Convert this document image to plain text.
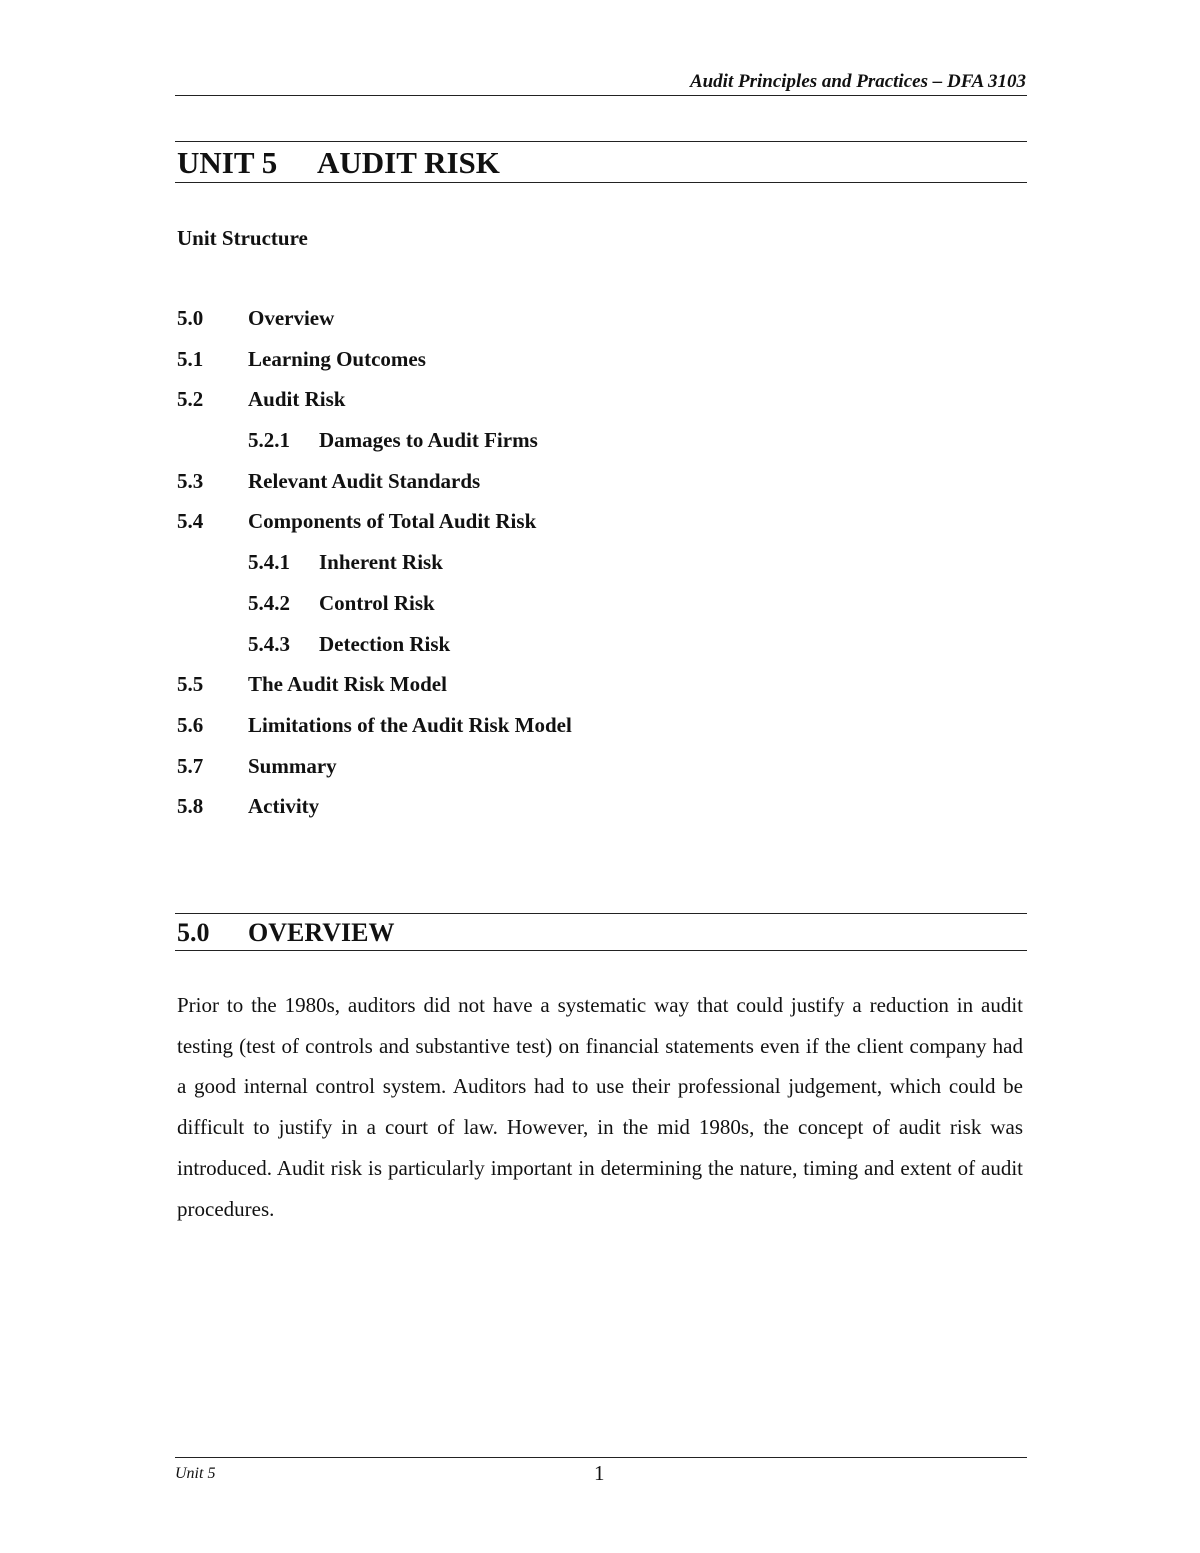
Audit Principles and Practices – DFA 3103
UNIT 5 AUDIT RISK
Unit Structure
5.0 Overview
5.1 Learning Outcomes
5.2 Audit Risk
5.2.1 Damages to Audit Firms
5.3 Relevant Audit Standards
5.4 Components of Total Audit Risk
5.4.1 Inherent Risk
5.4.2 Control Risk
5.4.3 Detection Risk
5.5 The Audit Risk Model
5.6 Limitations of the Audit Risk Model
5.7 Summary
5.8 Activity
5.0 OVERVIEW

Prior to the 1980s, auditors did not have a systematic way that could justify a reduction in audit testing (test of controls and substantive test) on financial statements even if the client company had a good internal control system. Auditors had to use their professional judgement, which could be difficult to justify in a court of law. However, in the mid 1980s, the concept of audit risk was introduced. Audit risk is particularly important in determining the nature, timing and extent of audit procedures.

Unit 5	1
